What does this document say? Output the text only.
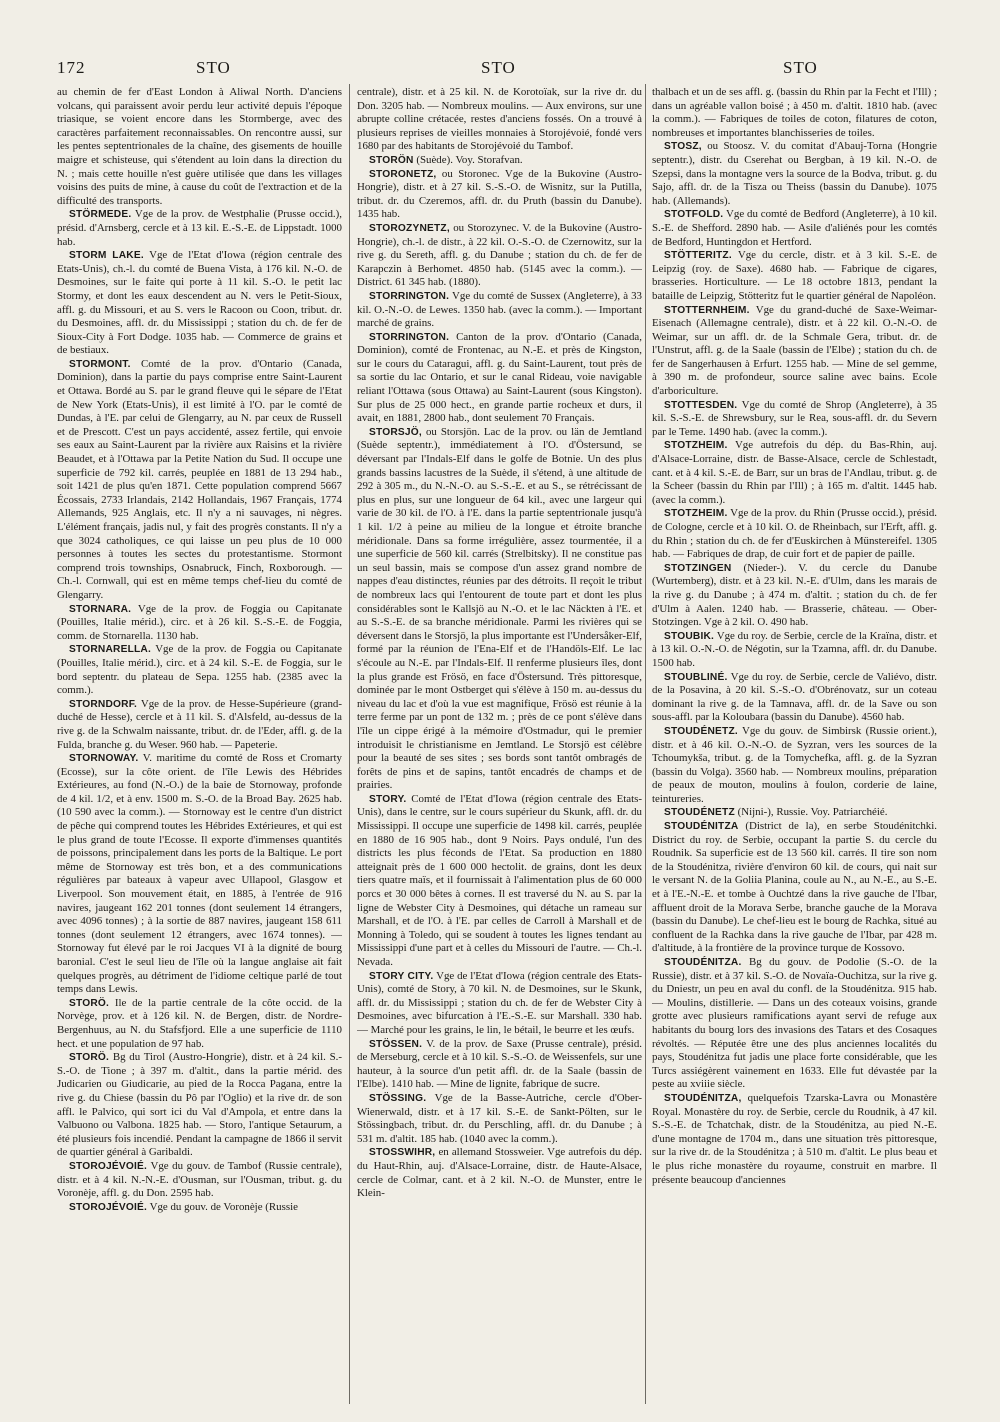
172	STO	STO	STO

au chemin de fer d'East London à Aliwal North. D'anciens volcans, qui paraissent avoir perdu leur activité depuis l'époque triasique, se voient encore dans les Stormberge, avec des caractères parfaitement reconnaissables. On rencontre aussi, sur les pentes septentrionales de la chaîne, des gisements de houille maigre et schisteuse, qui s'étendent au loin dans la direction du N. ; mais cette houille n'est guère utilisée que dans les villages voisins des puits de mine, à cause du coût de l'extraction et de la difficulté des transports.

STÖRMEDE. Vge de la prov. de Westphalie (Prusse occid.), présid. d'Arnsberg, cercle et à 13 kil. E.-S.-E. de Lippstadt. 1000 hab.

STORM LAKE. Vge de l'Etat d'Iowa (région centrale des Etats-Unis), ch.-l. du comté de Buena Vista, à 176 kil. N.-O. de Desmoines, sur le faite qui porte à 11 kil. S.-O. le petit lac Stormy, et dont les eaux descendent au N. vers le Petit-Sioux, affl. g. du Missouri, et au S. vers le Racoon ou Coon, tribut. dr. du Desmoines, affl. dr. du Mississippi ; station du ch. de fer de Sioux-City à Fort Dodge. 1035 hab. — Commerce de grains et de bestiaux.

STORMONT. Comté de la prov. d'Ontario (Canada, Dominion), dans la partie du pays comprise entre Saint-Laurent et Ottawa. Bordé au S. par le grand fleuve qui le sépare de l'Etat de New York (Etats-Unis), il est limité à l'O. par le comté de Dundas, à l'E. par celui de Glengarry, au N. par ceux de Russell et de Prescott. C'est un pays accidenté, assez fertile, qui envoie ses eaux au Saint-Laurent par la rivière aux Raisins et la rivière Beaudet, et à l'Ottawa par la Petite Nation du Sud. Il occupe une superficie de 792 kil. carrés, peuplée en 1881 de 13 294 hab., soit 1421 de plus qu'en 1871. Cette population comprend 5667 Écossais, 2733 Irlandais, 2142 Hollandais, 1967 Français, 1774 Allemands, 925 Anglais, etc. Il n'y a ni sauvages, ni nègres. L'élément français, jadis nul, y fait des progrès constants. Il n'y a que 3024 catholiques, ce qui laisse un peu plus de 10 000 personnes à toutes les sectes du protestantisme. Stormont comprend trois townships, Osnabruck, Finch, Roxborough. — Ch.-l. Cornwall, qui est en même temps chef-lieu du comté de Glengarry.

STORNARA. Vge de la prov. de Foggia ou Capitanate (Pouilles, Italie mérid.), circ. et à 26 kil. S.-S.-E. de Foggia, comm. de Stornarella. 1130 hab.

STORNARELLA. Vge de la prov. de Foggia ou Capitanate (Pouilles, Italie mérid.), circ. et à 24 kil. S.-E. de Foggia, sur le bord septentr. du plateau de Sepa. 1255 hab. (2385 avec la comm.).

STORNDORF. Vge de la prov. de Hesse-Supérieure (grand-duché de Hesse), cercle et à 11 kil. S. d'Alsfeld, au-dessus de la rive g. de la Schwalm naissante, tribut. dr. de l'Eder, affl. g. de la Fulda, branche g. du Weser. 960 hab. — Papeterie.

STORNOWAY. V. maritime du comté de Ross et Cromarty (Ecosse), sur la côte orient. de l'île Lewis des Hébrides Extérieures, au fond (N.-O.) de la baie de Stornoway, profonde de 4 kil. 1/2, et à env. 1500 m. S.-O. de la Broad Bay. 2625 hab. (10 590 avec la comm.). — Stornoway est le centre d'un district de pêche qui comprend toutes les Hébrides Extérieures, et qui est le plus grand de toute l'Ecosse. Il exporte d'immenses quantités de poissons, principalement dans les ports de la Baltique. Le port même de Stornoway est très bon, et a des communications régulières par bateaux à vapeur avec Ullapool, Glasgow et Liverpool. Son mouvement était, en 1885, à l'entrée de 916 navires, jaugeant 162 201 tonnes (dont seulement 14 étrangers, avec 4096 tonnes) ; à la sortie de 887 navires, jaugeant 158 611 tonnes (dont seulement 12 étrangers, avec 1674 tonnes). — Stornoway fut élevé par le roi Jacques VI à la dignité de bourg baronial. C'est le seul lieu de l'île où la langue anglaise ait fait quelques progrès, au détriment de l'idiome celtique parlé de tout temps dans Lewis.

STORÖ. Ile de la partie centrale de la côte occid. de la Norvège, prov. et à 126 kil. N. de Bergen, distr. de Nordre-Bergenhuus, au N. du Stafsfjord. Elle a une superficie de 1110 hect. et une population de 97 hab.

STORÖ. Bg du Tirol (Austro-Hongrie), distr. et à 24 kil. S.-S.-O. de Tione ; à 397 m. d'altit., dans la partie mérid. des Judicarien ou Giudicarie, au pied de la Rocca Pagana, entre la rive g. du Chiese (bassin du Pô par l'Oglio) et la rive dr. de son affl. le Palvico, qui sort ici du Val d'Ampola, et entre dans la Valbuono ou Valbona. 1825 hab. — Storo, l'antique Setaurum, a été plusieurs fois incendié. Pendant la campagne de 1866 il servit de quartier général à Garibaldi.

STOROJÉVOIÉ. Vge du gouv. de Tambof (Russie centrale), distr. et à 4 kil. N.-N.-E. d'Ousman, sur l'Ousman, tribut. g. du Voronèje, affl. g. du Don. 2595 hab.

STOROJÉVOIÉ. Vge du gouv. de Voronèje (Russie

centrale), distr. et à 25 kil. N. de Korotoïak, sur la rive dr. du Don. 3205 hab. — Nombreux moulins. — Aux environs, sur une abrupte colline crétacée, restes d'anciens fossés. On a trouvé à plusieurs reprises de vieilles monnaies à Storojévoié, fondé vers 1680 par des habitants de Storojévoié du Tambof.

STORÖN (Suède). Voy. Storafvan.

STORONETZ, ou Storonec. Vge de la Bukovine (Austro-Hongrie), distr. et à 27 kil. S.-S.-O. de Wisnitz, sur la Putilla, tribut. dr. du Czeremos, affl. dr. du Pruth (bassin du Danube). 1435 hab.

STOROZYNETZ, ou Storozynec. V. de la Bukovine (Austro-Hongrie), ch.-l. de distr., à 22 kil. O.-S.-O. de Czernowitz, sur la rive g. du Sereth, affl. g. du Danube ; station du ch. de fer de Karapczin à Berhomet. 4850 hab. (5145 avec la comm.). — District. 61 345 hab. (1880).

STORRINGTON. Vge du comté de Sussex (Angleterre), à 33 kil. O.-N.-O. de Lewes. 1350 hab. (avec la comm.). — Important marché de grains.

STORRINGTON. Canton de la prov. d'Ontario (Canada, Dominion), comté de Frontenac, au N.-E. et près de Kingston, sur le cours du Cataragui, affl. g. du Saint-Laurent, tout près de sa sortie du lac Ontario, et sur le canal Rideau, voie navigable reliant l'Ottawa (sous Ottawa) au Saint-Laurent (sous Kingston). Sur plus de 25 000 hect., en grande partie rocheux et durs, il avait, en 1881, 2800 hab., dont seulement 70 Français.

STORSJÖ, ou Storsjön. Lac de la prov. ou län de Jemtland (Suède septentr.), immédiatement à l'O. d'Östersund, se déversant par l'Indals-Elf dans le golfe de Botnie. Un des plus grands bassins lacustres de la Suède, il s'étend, à une altitude de 292 à 305 m., du N.-N.-O. au S.-S.-E. et au S., se rétrécissant de plus en plus, sur une longueur de 64 kil., avec une largeur qui varie de 30 kil. de l'O. à l'E. dans la partie septentrionale jusqu'à 1 kil. 1/2 à peine au milieu de la longue et étroite branche méridionale. Dans sa forme irrégulière, assez tourmentée, il a une superficie de 560 kil. carrés (Strelbitsky). Il ne constitue pas un seul bassin, mais se compose d'un assez grand nombre de nappes d'eau distinctes, réunies par des détroits. Il reçoit le tribut de nombreux lacs qui l'entourent de toute part et dont les plus considérables sont le Kallsjö au N.-O. et le lac Näckten à l'E. et au S.-S.-E. de sa branche méridionale. Parmi les rivières qui se déversent dans le Storsjö, la plus importante est l'Undersåker-Elf, formé par la réunion de l'Ena-Elf et de l'Handöls-Elf. Le lac s'écoule au N.-E. par l'Indals-Elf. Il renferme plusieurs îles, dont la plus grande est Frösö, en face d'Östersund. Très pittoresque, dominée par le mont Ostberget qui s'élève à 150 m. au-dessus du niveau du lac et d'où la vue est magnifique, Frösö est réunie à la terre ferme par un pont de 132 m. ; près de ce pont s'élève dans l'île un cippe érigé à la mémoire d'Ostmadur, qui le premier introduisit le christianisme en Jemtland. Le Storsjö est célèbre pour la beauté de ses sites ; ses bords sont tantôt ombragés de forêts de pins et de sapins, tantôt encadrés de champs et de prairies.

STORY. Comté de l'Etat d'Iowa (région centrale des Etats-Unis), dans le centre, sur le cours supérieur du Skunk, affl. dr. du Mississippi. Il occupe une superficie de 1498 kil. carrés, peuplée en 1880 de 16 905 hab., dont 9 Noirs. Pays ondulé, l'un des districts les plus féconds de l'Etat. Sa production en 1880 atteignait près de 1 600 000 hectolit. de grains, dont les deux tiers quatre maïs, et il fournissait à l'alimentation plus de 60 000 porcs et 30 000 bêtes à cornes. Il est traversé du N. au S. par la ligne de Webster City à Desmoines, qui détache un rameau sur Marshall, et de l'O. à l'E. par celles de Carroll à Marshall et de Monning à Toledo, qui se soudent à toutes les lignes tendant au Mississippi d'une part et à celles du Missouri de l'autre. — Ch.-l. Nevada.

STORY CITY. Vge de l'Etat d'Iowa (région centrale des Etats-Unis), comté de Story, à 70 kil. N. de Desmoines, sur le Skunk, affl. dr. du Mississippi ; station du ch. de fer de Webster City à Desmoines, avec bifurcation à l'E.-S.-E. sur Marshall. 330 hab. — Marché pour les grains, le lin, le bétail, le beurre et les œufs.

STÖSSEN. V. de la prov. de Saxe (Prusse centrale), présid. de Merseburg, cercle et à 10 kil. S.-S.-O. de Weissenfels, sur une hauteur, à la source d'un petit affl. dr. de la Saale (bassin de l'Elbe). 1410 hab. — Mine de lignite, fabrique de sucre.

STÖSSING. Vge de la Basse-Autriche, cercle d'Ober-Wienerwald, distr. et à 17 kil. S.-E. de Sankt-Pölten, sur le Stössingbach, tribut. dr. du Perschling, affl. dr. du Danube ; à 531 m. d'altit. 185 hab. (1040 avec la comm.).

STOSSWIHR, en allemand Stossweier. Vge autrefois du dép. du Haut-Rhin, auj. d'Alsace-Lorraine, distr. de Haute-Alsace, cercle de Colmar, cant. et à 2 kil. N.-O. de Munster, entre le Klein-

thalbach et un de ses affl. g. (bassin du Rhin par la Fecht et l'Ill) ; dans un agréable vallon boisé ; à 450 m. d'altit. 1810 hab. (avec la comm.). — Fabriques de toiles de coton, filatures de coton, nombreuses et importantes blanchisseries de toiles.

STOSZ, ou Stoosz. V. du comitat d'Abauj-Torna (Hongrie septentr.), distr. du Cserehat ou Bergban, à 19 kil. N.-O. de Szepsi, dans la montagne vers la source de la Bodva, tribut. g. du Sajo, affl. dr. de la Tisza ou Theiss (bassin du Danube). 1075 hab. (Allemands).

STOTFOLD. Vge du comté de Bedford (Angleterre), à 10 kil. S.-E. de Shefford. 2890 hab. — Asile d'aliénés pour les comtés de Bedford, Huntingdon et Hertford.

STÖTTERITZ. Vge du cercle, distr. et à 3 kil. S.-E. de Leipzig (roy. de Saxe). 4680 hab. — Fabrique de cigares, brasseries. Horticulture. — Le 18 octobre 1813, pendant la bataille de Leipzig, Stötteritz fut le quartier général de Napoléon.

STOTTERNHEIM. Vge du grand-duché de Saxe-Weimar-Eisenach (Allemagne centrale), distr. et à 22 kil. O.-N.-O. de Weimar, sur un affl. dr. de la Schmale Gera, tribut. dr. de l'Unstrut, affl. g. de la Saale (bassin de l'Elbe) ; station du ch. de fer de Sangerhausen à Erfurt. 1255 hab. — Mine de sel gemme, à 390 m. de profondeur, source saline avec bains. Ecole d'arboriculture.

STOTTESDEN. Vge du comté de Shrop (Angleterre), à 35 kil. S.-S.-E. de Shrewsbury, sur le Rea, sous-affl. dr. du Severn par le Teme. 1490 hab. (avec la comm.).

STOTZHEIM. Vge autrefois du dép. du Bas-Rhin, auj. d'Alsace-Lorraine, distr. de Basse-Alsace, cercle de Schlestadt, cant. et à 4 kil. S.-E. de Barr, sur un bras de l'Andlau, tribut. g. de la Scheer (bassin du Rhin par l'Ill) ; à 165 m. d'altit. 1445 hab. (avec la comm.).

STOTZHEIM. Vge de la prov. du Rhin (Prusse occid.), présid. de Cologne, cercle et à 10 kil. O. de Rheinbach, sur l'Erft, affl. g. du Rhin ; station du ch. de fer d'Euskirchen à Münstereifel. 1305 hab. — Fabriques de drap, de cuir fort et de papier de paille.

STOTZINGEN (Nieder-). V. du cercle du Danube (Wurtemberg), distr. et à 23 kil. N.-E. d'Ulm, dans les marais de la rive g. du Danube ; à 474 m. d'altit. ; station du ch. de fer d'Ulm à Aalen. 1240 hab. — Brasserie, château. — Ober-Stotzingen. Vge à 2 kil. O. 490 hab.

STOUBIK. Vge du roy. de Serbie, cercle de la Kraïna, distr. et à 13 kil. O.-N.-O. de Négotin, sur la Tzamna, affl. dr. du Danube. 1500 hab.

STOUBLINÉ. Vge du roy. de Serbie, cercle de Valiévo, distr. de la Posavina, à 20 kil. S.-S.-O. d'Obrénovatz, sur un coteau dominant la rive g. de la Tamnava, affl. dr. de la Save ou son sous-affl. par la Koloubara (bassin du Danube). 4560 hab.

STOUDÉNETZ. Vge du gouv. de Simbirsk (Russie orient.), distr. et à 46 kil. O.-N.-O. de Syzran, vers les sources de la Tchoumykša, tribut. g. de la Tomychefka, affl. g. de la Syzran (bassin du Volga). 3560 hab. — Nombreux moulins, préparation de peaux de mouton, moulins à foulon, corderie de laine, teintureries.

STOUDÉNETZ (Nijni-), Russie. Voy. Patriarchéié.

STOUDÉNITZA (District de la), en serbe Stoudénitchki. District du roy. de Serbie, occupant la partie S. du cercle du Roudnik. Sa superficie est de 13 560 kil. carrés. Il tire son nom de la Stoudénitza, rivière d'environ 60 kil. de cours, qui nait sur le versant N. de la Goliia Planina, coule au N., au N.-E., au S.-E. et à l'E.-N.-E. et tombe à Ouchtzé dans la rive gauche de l'Ibar, affluent droit de la Morava Serbe, branche gauche de la Morava (bassin du Danube). Le chef-lieu est le bourg de Rachka, situé au confluent de la Rachka dans la rive gauche de l'Ibar, par 428 m. d'altitude, à la frontière de la province turque de Kossovo.

STOUDÉNITZA. Bg du gouv. de Podolie (S.-O. de la Russie), distr. et à 37 kil. S.-O. de Novaïa-Ouchitza, sur la rive g. du Dniestr, un peu en aval du confl. de la Stoudénitza. 915 hab. — Moulins, distillerie. — Dans un des coteaux voisins, grande grotte avec plusieurs ramifications ayant servi de refuge aux habitants du bourg lors des invasions des Tatars et des Cosaques révoltés. — Réputée être une des plus anciennes localités du pays, Stoudénitza fut jadis une place forte considérable, que les Turcs assiégèrent vainement en 1633. Elle fut dévastée par la peste au xviiie siècle.

STOUDÉNITZA, quelquefois Tzarska-Lavra ou Monastère Royal. Monastère du roy. de Serbie, cercle du Roudnik, à 47 kil. S.-S.-E. de Tchatchak, distr. de la Stoudénitza, au pied N.-E. d'une montagne de 1704 m., dans une situation très pittoresque, sur la rive dr. de la Stoudénitza ; à 510 m. d'altit. Le plus beau et le plus riche monastère du royaume, construit en marbre. Il présente beaucoup d'anciennes
